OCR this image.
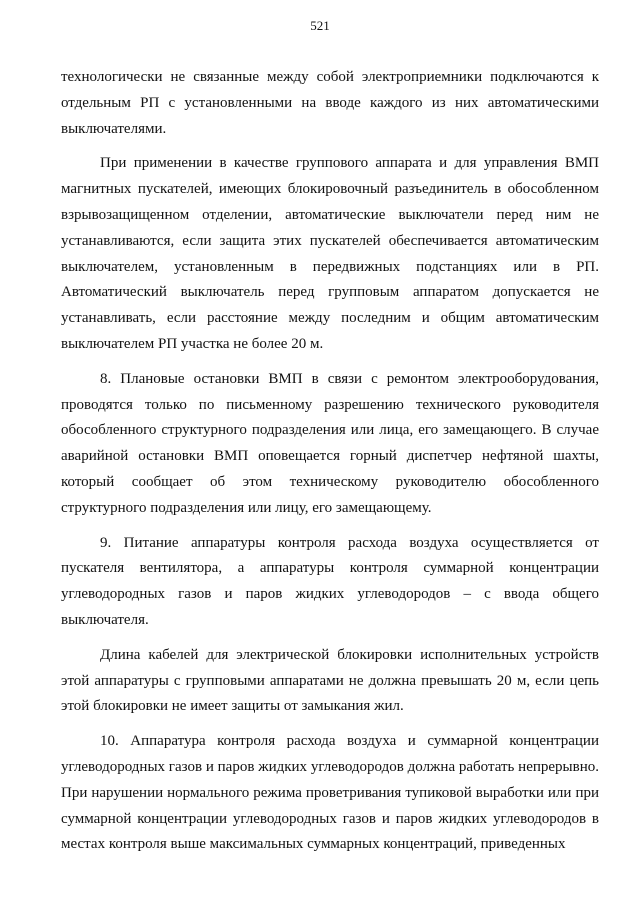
521

технологически не связанные между собой электроприемники подключаются к отдельным РП с установленными на вводе каждого из них автоматическими выключателями.

При применении в качестве группового аппарата и для управления ВМП магнитных пускателей, имеющих блокировочный разъединитель в обособленном взрывозащищенном отделении, автоматические выключатели перед ним не устанавливаются, если защита этих пускателей обеспечивается автоматическим выключателем, установленным в передвижных подстанциях или в РП. Автоматический выключатель перед групповым аппаратом допускается не устанавливать, если расстояние между последним и общим автоматическим выключателем РП участка не более 20 м.

8. Плановые остановки ВМП в связи с ремонтом электрооборудования, проводятся только по письменному разрешению технического руководителя обособленного структурного подразделения или лица, его замещающего. В случае аварийной остановки ВМП оповещается горный диспетчер нефтяной шахты, который сообщает об этом техническому руководителю обособленного структурного подразделения или лицу, его замещающему.

9. Питание аппаратуры контроля расхода воздуха осуществляется от пускателя вентилятора, а аппаратуры контроля суммарной концентрации углеводородных газов и паров жидких углеводородов – с ввода общего выключателя.

Длина кабелей для электрической блокировки исполнительных устройств этой аппаратуры с групповыми аппаратами не должна превышать 20 м, если цепь этой блокировки не имеет защиты от замыкания жил.

10. Аппаратура контроля расхода воздуха и суммарной концентрации углеводородных газов и паров жидких углеводородов должна работать непрерывно. При нарушении нормального режима проветривания тупиковой выработки или при суммарной концентрации углеводородных газов и паров жидких углеводородов в местах контроля выше максимальных суммарных концентраций, приведенных
